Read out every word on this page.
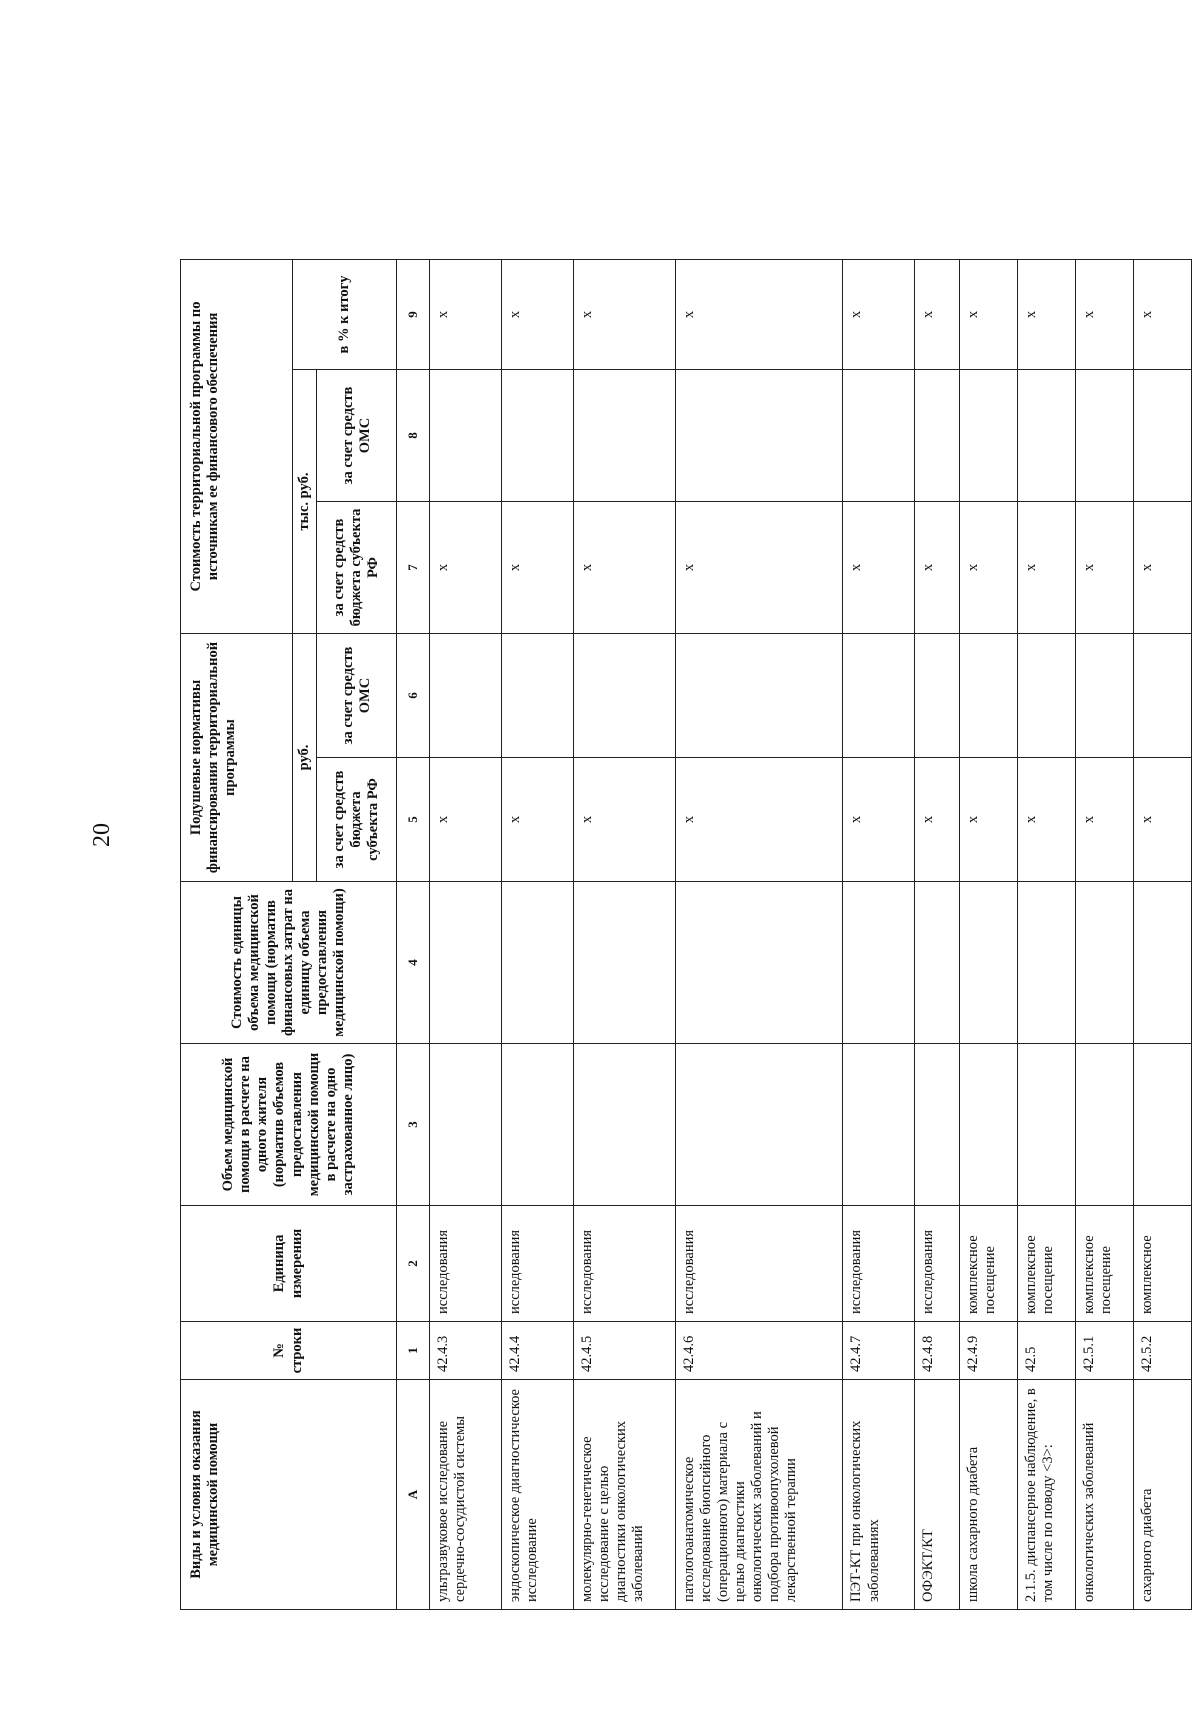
20
Виды и условия оказания медицинской помощи	№ строки	Единица измерения	Объем медицинской помощи в расчете на одного жителя (норматив объемов предоставления медицинской помощи в расчете на одно застрахованное лицо)	Стоимость единицы объема медицинской помощи (норматив финансовых затрат на единицу объема предоставления медицинской помощи)	Подушевые нормативы финансирования территориальной программы		Стоимость территориальной программы по источникам ее финансового обеспечения			
					руб.		тыс. руб.		в % к итогу	
					за счет средств бюджета субъекта РФ	за счет средств ОМС	за счет средств бюджета субъекта РФ	за счет средств ОМС		
А	1	2	3	4	5	6	7	8	9	
ультразвуковое исследование сердечно-сосудистой системы	42.4.3	исследования			х		х		х	
эндоскопическое диагностическое исследование	42.4.4	исследования			х		х		х	
молекулярно-генетическое исследование с целью диагностики онкологических заболеваний	42.4.5	исследования			х		х		х	
патологоанатомическое исследование биопсийного (операционного) материала с целью диагностики онкологических заболеваний и подбора противоопухолевой лекарственной терапии	42.4.6	исследования			х		х		х	
ПЭТ-КТ при онкологических заболеваниях	42.4.7	исследования			х		х		х	
ОФЭКТ/КТ	42.4.8	исследования			х		х		х	
школа сахарного диабета	42.4.9	комплексное посещение			х		х		х	
2.1.5. диспансерное наблюдение, в том числе по поводу <3>:	42.5	комплексное посещение			х		х		х	
онкологических заболеваний	42.5.1	комплексное посещение			х		х		х	
сахарного диабета	42.5.2	комплексное			х		х		х	
